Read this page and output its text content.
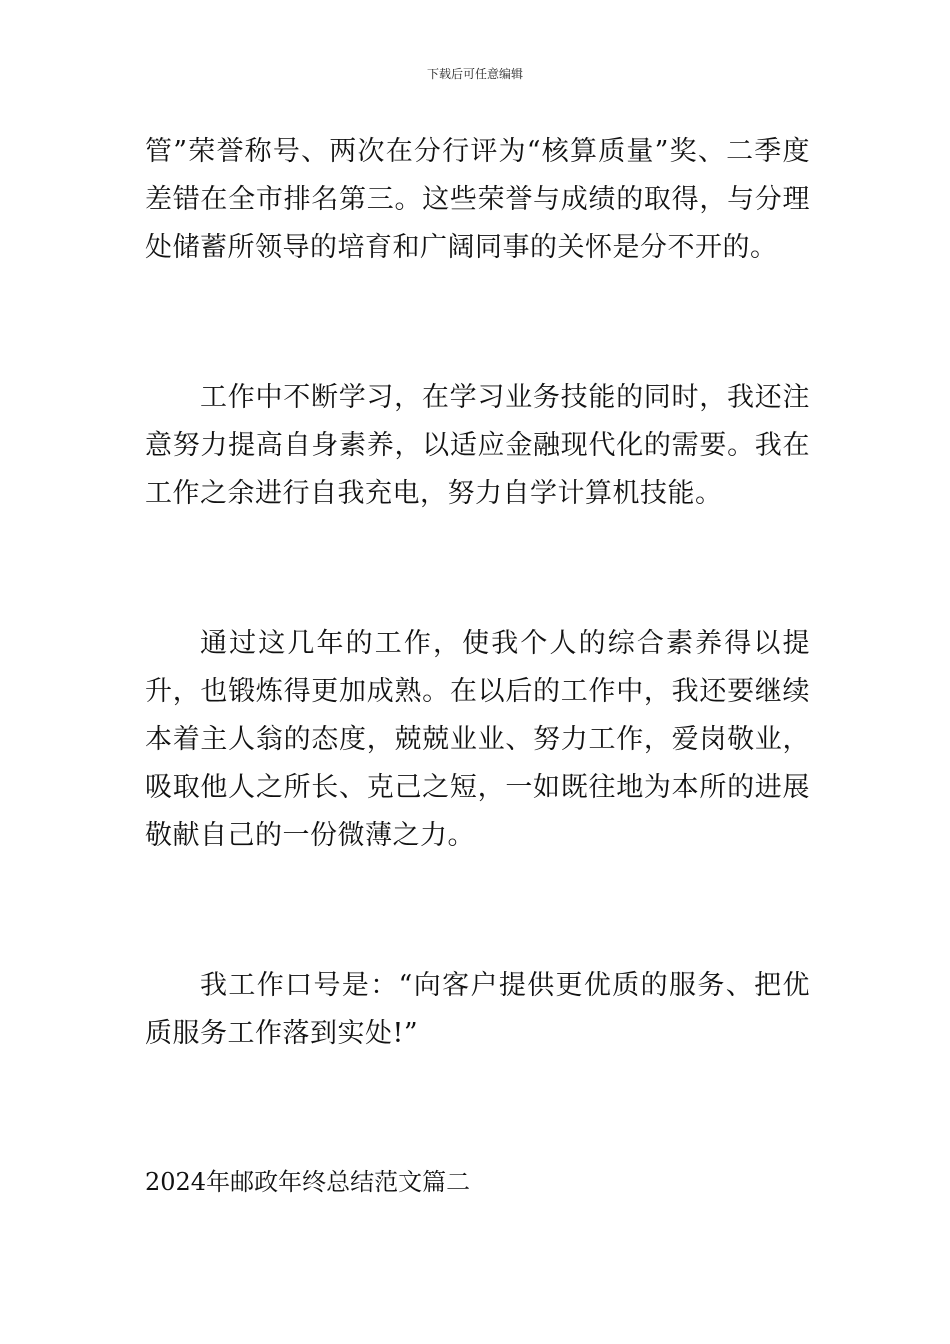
下载后可任意编辑

管”荣誉称号、两次在分行评为“核算质量”奖、二季度差错在全市排名第三。这些荣誉与成绩的取得，与分理处储蓄所领导的培育和广阔同事的关怀是分不开的。

工作中不断学习，在学习业务技能的同时，我还注意努力提高自身素养，以适应金融现代化的需要。我在工作之余进行自我充电，努力自学计算机技能。

通过这几年的工作，使我个人的综合素养得以提升，也锻炼得更加成熟。在以后的工作中，我还要继续本着主人翁的态度，兢兢业业、努力工作，爱岗敬业，吸取他人之所长、克己之短，一如既往地为本所的进展敬献自己的一份微薄之力。

我工作口号是：“向客户提供更优质的服务、把优质服务工作落到实处!”

2024年邮政年终总结范文篇二
